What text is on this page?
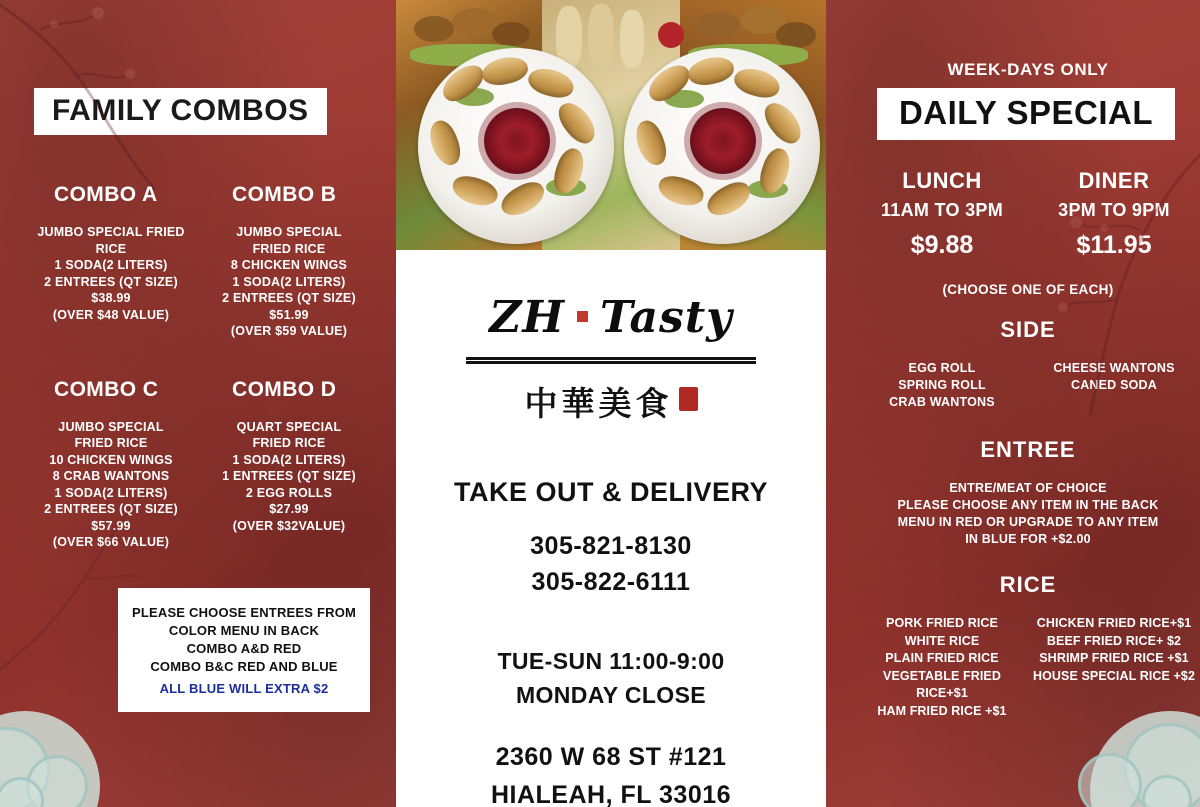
FAMILY COMBOS
COMBO A
JUMBO SPECIAL FRIED RICE
1 SODA(2 LITERS)
2 ENTREES (QT SIZE)
$38.99
(OVER $48 VALUE)
COMBO B
JUMBO SPECIAL
FRIED RICE
8 CHICKEN WINGS
1 SODA(2 LITERS)
2 ENTREES (QT SIZE)
$51.99
(OVER $59 VALUE)
COMBO C
JUMBO SPECIAL
FRIED RICE
10 CHICKEN WINGS
8 CRAB WANTONS
1 SODA(2 LITERS)
2 ENTREES (QT SIZE)
$57.99
(OVER $66 VALUE)
COMBO D
QUART SPECIAL
FRIED RICE
1 SODA(2 LITERS)
1 ENTREES (QT SIZE)
2 EGG ROLLS
$27.99
(OVER $32VALUE)
PLEASE CHOOSE ENTREES FROM
COLOR MENU IN BACK
COMBO A&D RED
COMBO B&C RED AND BLUE
ALL BLUE WILL EXTRA $2
ZH Tasty
中華美食
TAKE OUT & DELIVERY
305-821-8130
305-822-6111
TUE-SUN 11:00-9:00
MONDAY CLOSE
2360 W 68 ST #121
HIALEAH, FL 33016
WEEK-DAYS ONLY
DAILY SPECIAL
LUNCH
11AM TO 3PM
$9.88
DINER
3PM TO 9PM
$11.95
(CHOOSE ONE OF EACH)
SIDE
EGG ROLL
SPRING ROLL
CRAB WANTONS
CHEESE WANTONS
CANED SODA
ENTREE
ENTRE/MEAT OF CHOICE
PLEASE CHOOSE ANY ITEM IN THE BACK
MENU IN RED OR UPGRADE TO ANY ITEM
IN BLUE FOR +$2.00
RICE
PORK FRIED RICE
WHITE RICE
PLAIN FRIED RICE
VEGETABLE FRIED RICE+$1
HAM FRIED RICE +$1
CHICKEN FRIED RICE+$1
BEEF FRIED RICE+ $2
SHRIMP FRIED RICE +$1
HOUSE SPECIAL RICE +$2
